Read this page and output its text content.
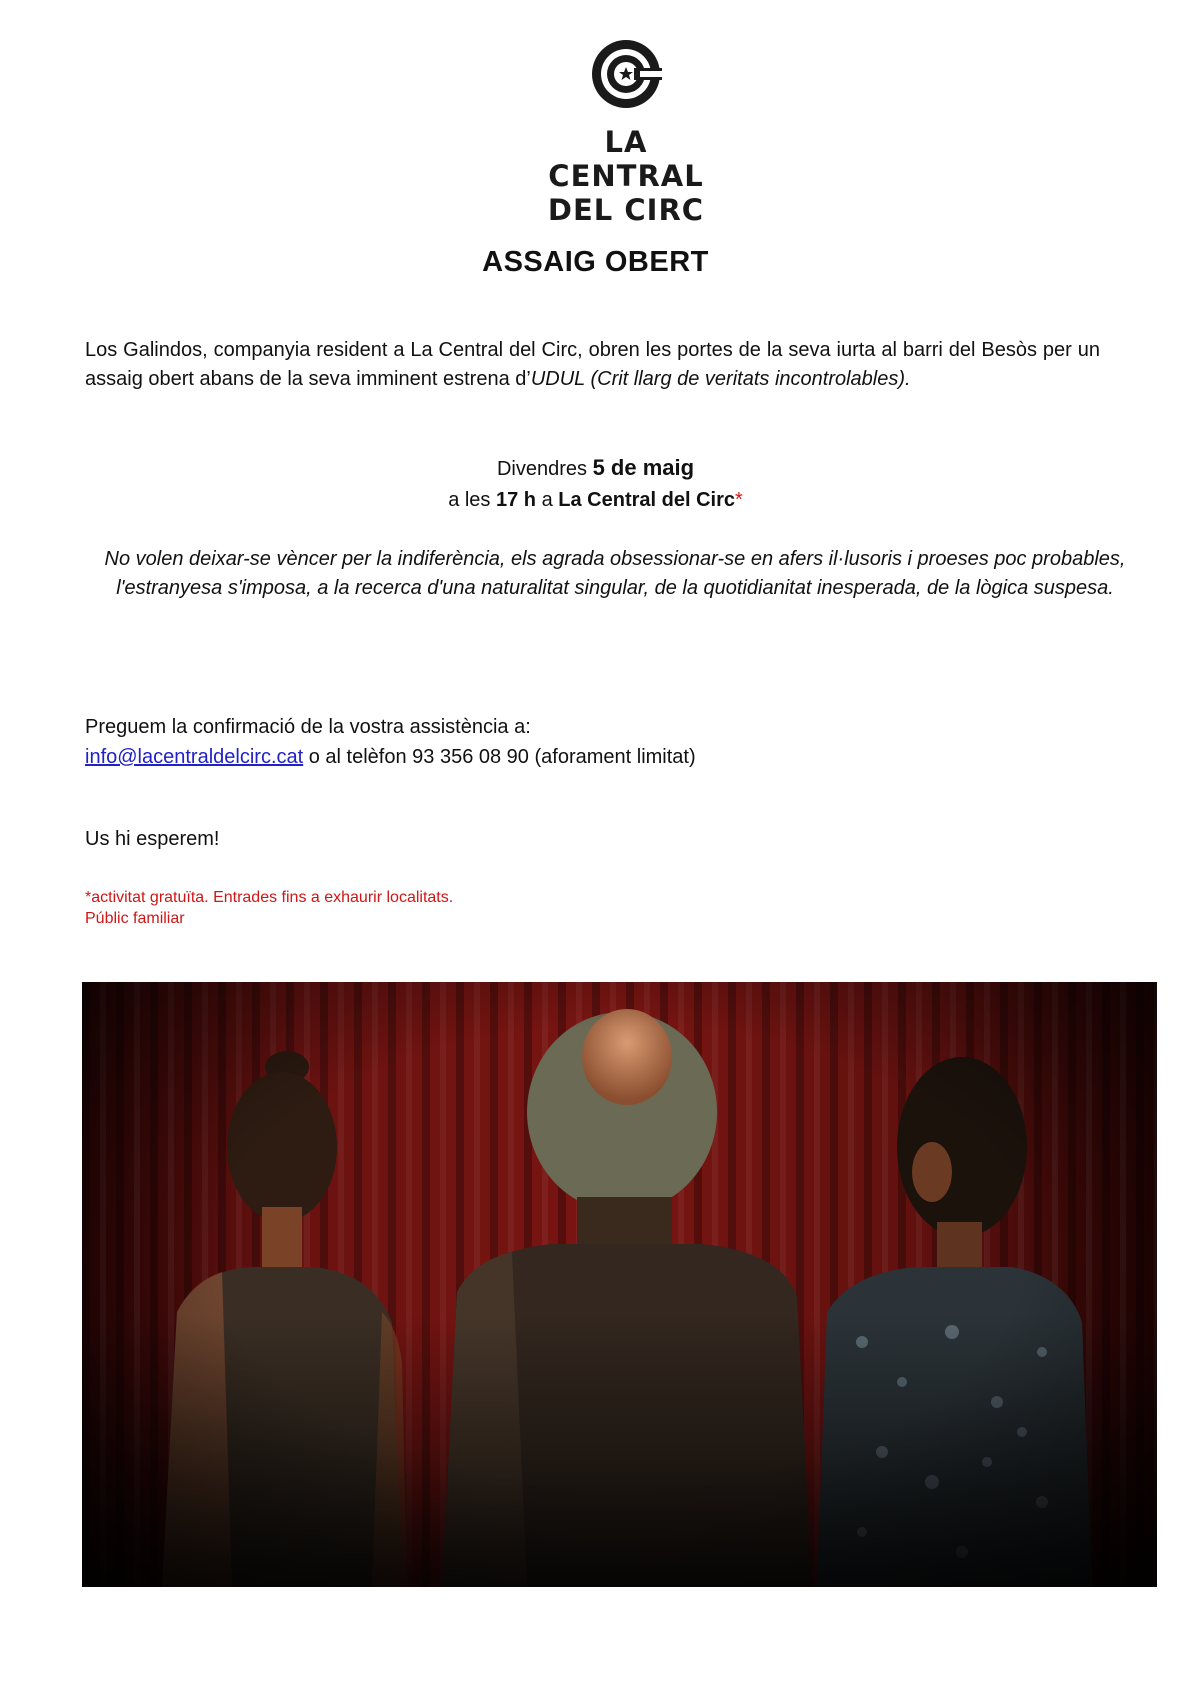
LA CENTRAL
DEL CIRC
ASSAIG OBERT
Los Galindos, companyia resident a La Central del Circ, obren les portes de la seva iurta al barri del Besòs per un assaig obert abans de la seva imminent estrena d’UDUL (Crit llarg de veritats incontrolables).
Divendres 5 de maig
a les 17 h a La Central del Circ*
No volen deixar-se vèncer per la indiferència, els agrada obsessionar-se en afers il·lusoris i proeses poc probables, l'estranyesa s'imposa, a la recerca d'una naturalitat singular, de la quotidianitat inesperada, de la lògica suspesa.
Preguem la confirmació de la vostra assistència a:
info@lacentraldelcirc.cat o al telèfon 93 356 08 90 (aforament limitat)
Us hi esperem!
*activitat gratuïta. Entrades fins a exhaurir localitats.
Públic familiar
